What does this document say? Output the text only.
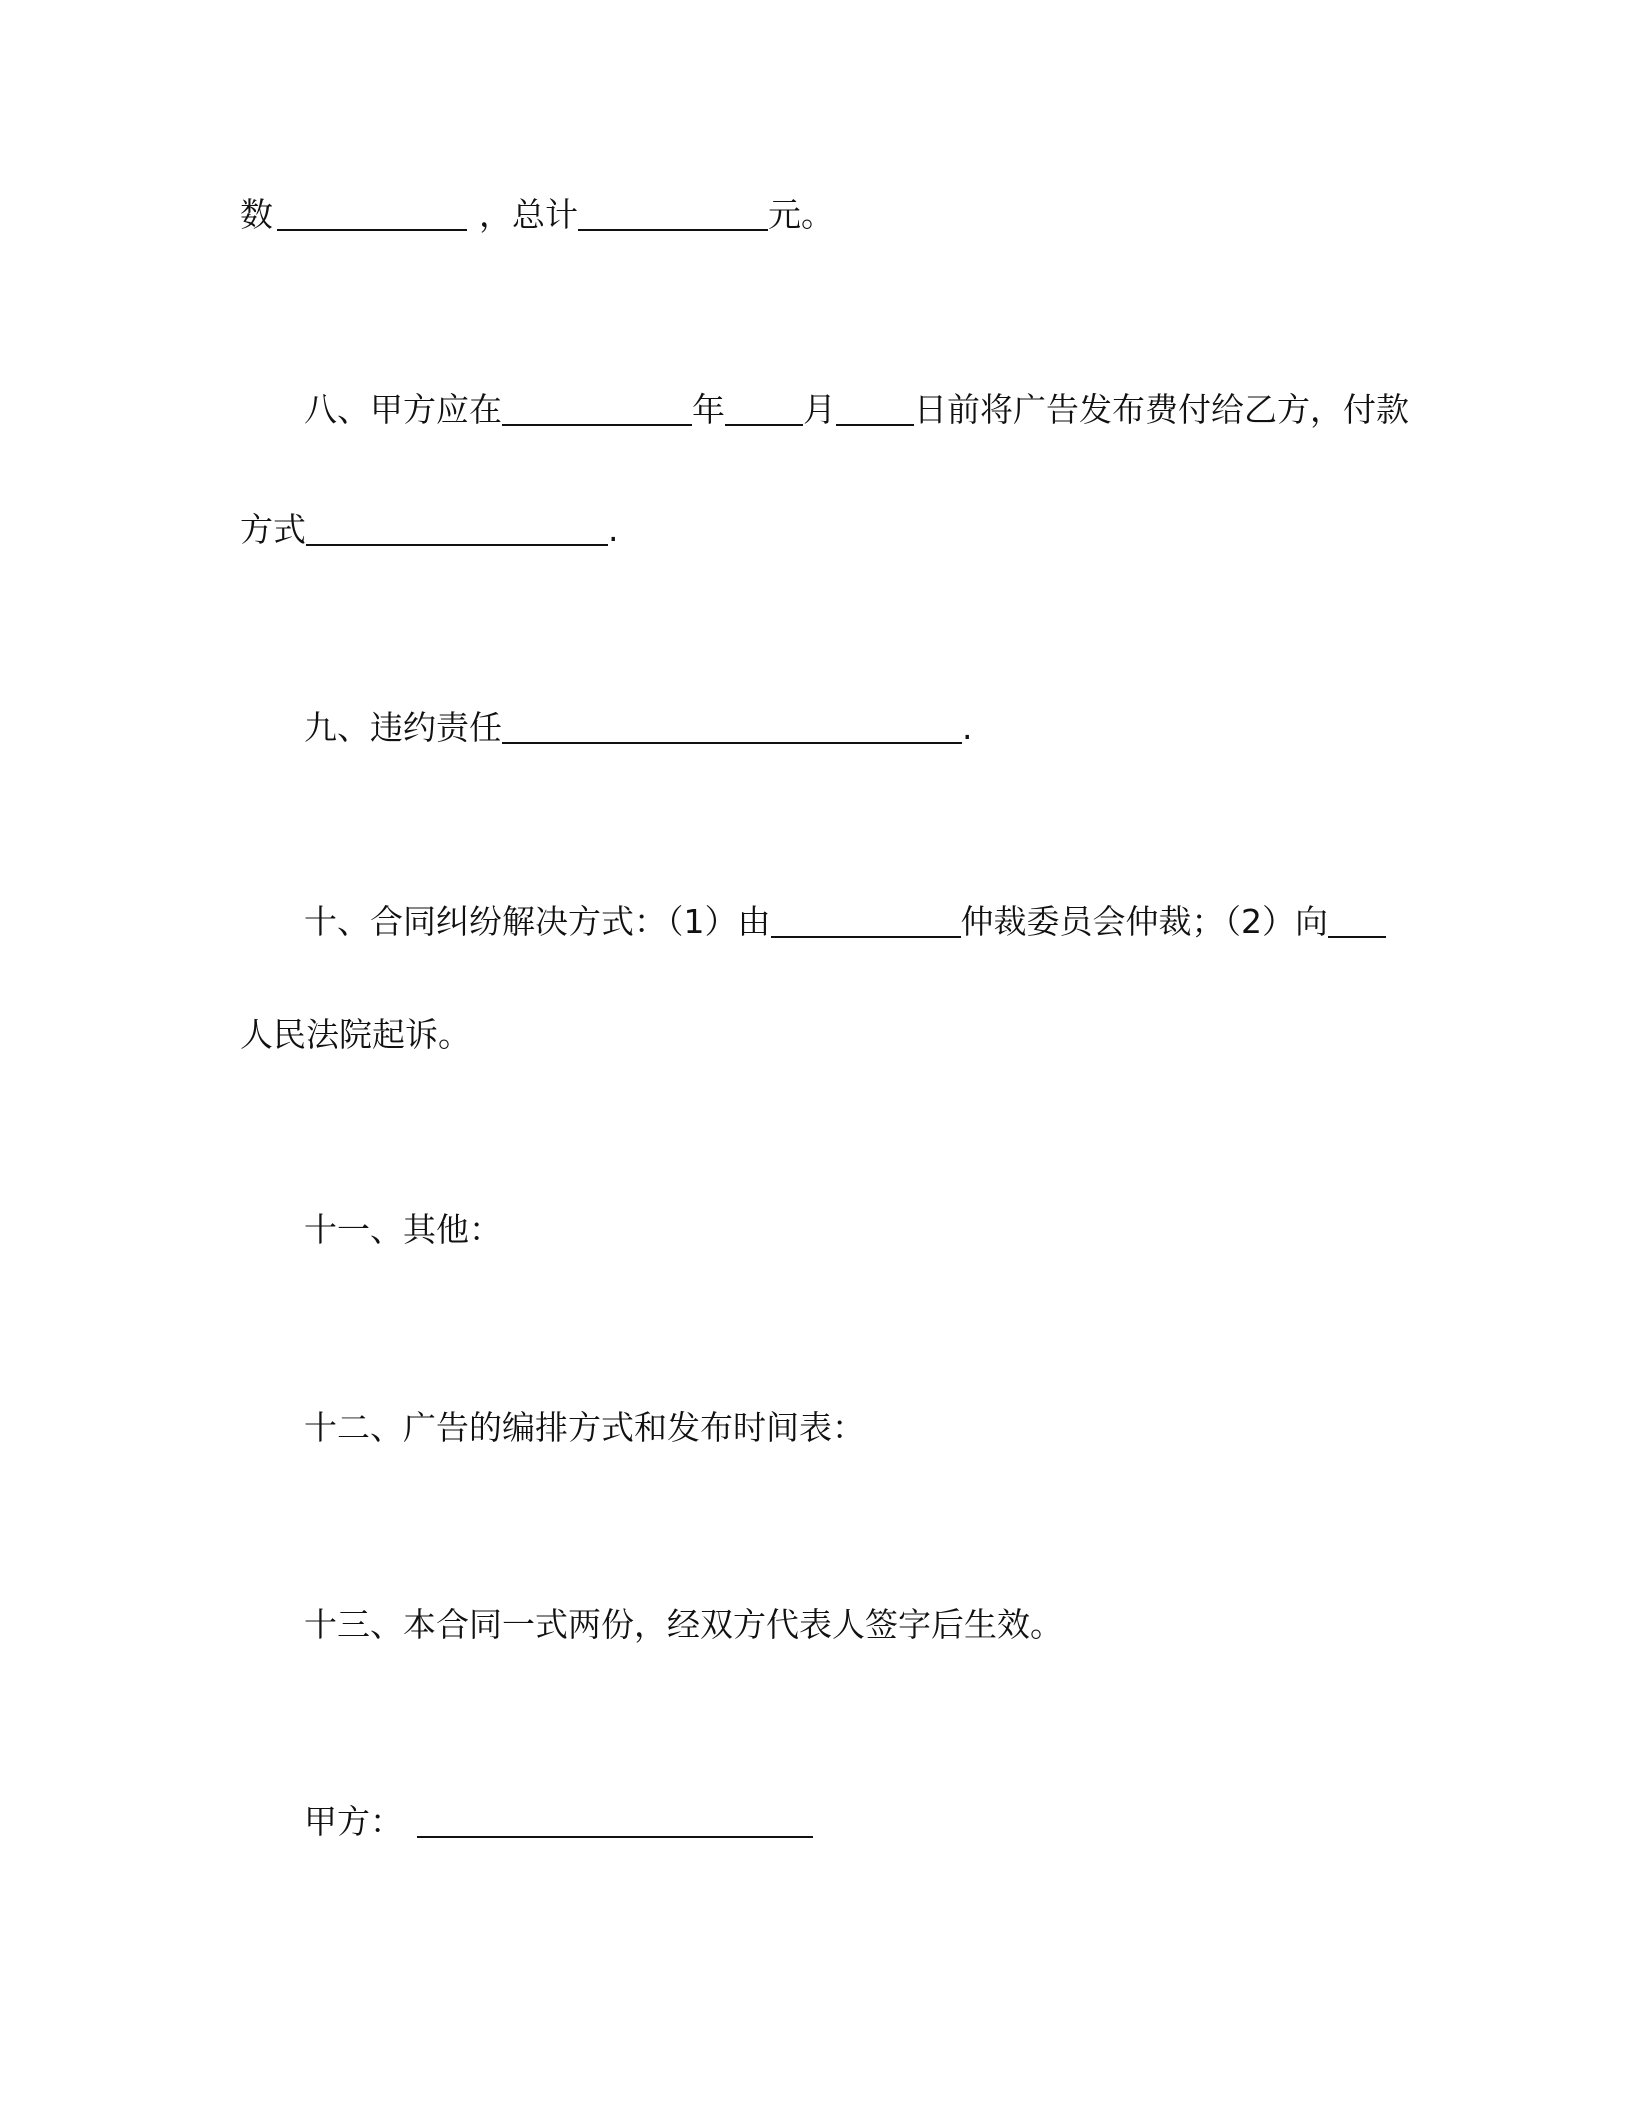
数	，总计	元。
八、甲方应在	年 月 日前将广告发布费付给乙方，付款
方式	.
九、违约责任	.
十、合同纠纷解决方式：（1）由	仲裁委员会仲裁；（2）向
人民法院起诉。
十一、其他：
十二、广告的编排方式和发布时间表：
十三、本合同一式两份，经双方代表人签字后生效。
甲方：
